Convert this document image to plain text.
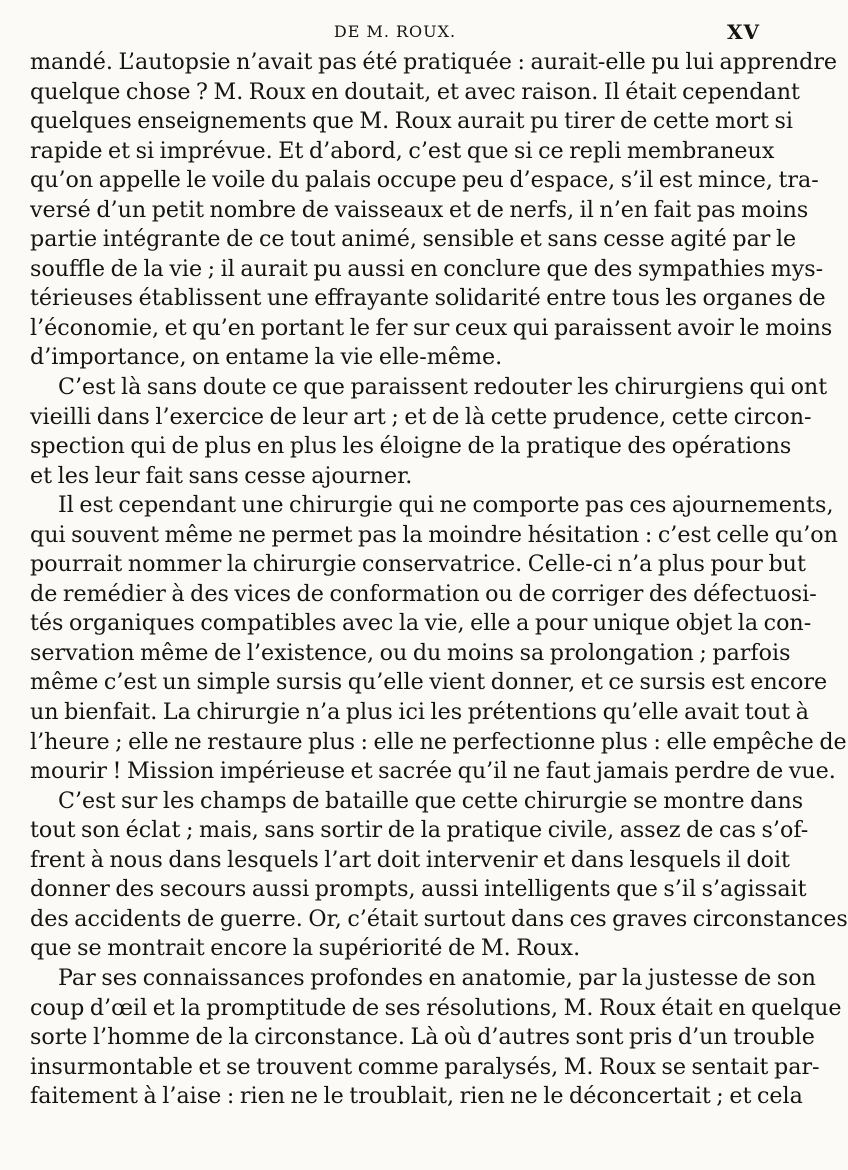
DE M. ROUX.	XV

mandé. L’autopsie n’avait pas été pratiquée : aurait-elle pu lui apprendre
quelque chose ? M. Roux en doutait, et avec raison. Il était cependant
quelques enseignements que M. Roux aurait pu tirer de cette mort si
rapide et si imprévue. Et d’abord, c’est que si ce repli membraneux
qu’on appelle le voile du palais occupe peu d’espace, s’il est mince, tra-
versé d’un petit nombre de vaisseaux et de nerfs, il n’en fait pas moins
partie intégrante de ce tout animé, sensible et sans cesse agité par le
souffle de la vie ; il aurait pu aussi en conclure que des sympathies mys-
térieuses établissent une effrayante solidarité entre tous les organes de
l’économie, et qu’en portant le fer sur ceux qui paraissent avoir le moins
d’importance, on entame la vie elle-même.

C’est là sans doute ce que paraissent redouter les chirurgiens qui ont
vieilli dans l’exercice de leur art ; et de là cette prudence, cette circon-
spection qui de plus en plus les éloigne de la pratique des opérations
et les leur fait sans cesse ajourner.

Il est cependant une chirurgie qui ne comporte pas ces ajournements,
qui souvent même ne permet pas la moindre hésitation : c’est celle qu’on
pourrait nommer la chirurgie conservatrice. Celle-ci n’a plus pour but
de remédier à des vices de conformation ou de corriger des défectuosi-
tés organiques compatibles avec la vie, elle a pour unique objet la con-
servation même de l’existence, ou du moins sa prolongation ; parfois
même c’est un simple sursis qu’elle vient donner, et ce sursis est encore
un bienfait. La chirurgie n’a plus ici les prétentions qu’elle avait tout à
l’heure ; elle ne restaure plus : elle ne perfectionne plus : elle empêche de
mourir ! Mission impérieuse et sacrée qu’il ne faut jamais perdre de vue.

C’est sur les champs de bataille que cette chirurgie se montre dans
tout son éclat ; mais, sans sortir de la pratique civile, assez de cas s’of-
frent à nous dans lesquels l’art doit intervenir et dans lesquels il doit
donner des secours aussi prompts, aussi intelligents que s’il s’agissait
des accidents de guerre. Or, c’était surtout dans ces graves circonstances
que se montrait encore la supériorité de M. Roux.

Par ses connaissances profondes en anatomie, par la justesse de son
coup d’œil et la promptitude de ses résolutions, M. Roux était en quelque
sorte l’homme de la circonstance. Là où d’autres sont pris d’un trouble
insurmontable et se trouvent comme paralysés, M. Roux se sentait par-
faitement à l’aise : rien ne le troublait, rien ne le déconcertait ; et cela
